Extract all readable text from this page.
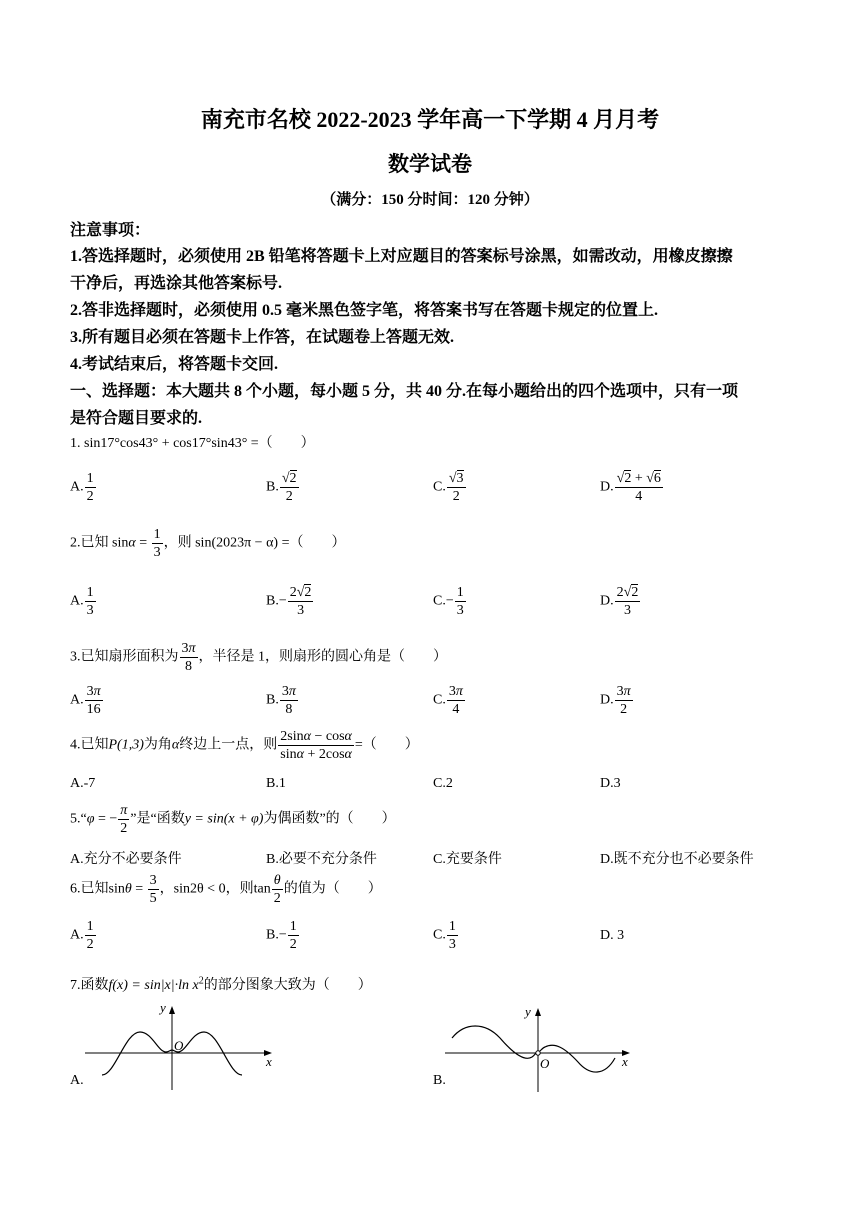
南充市名校 2022-2023 学年高一下学期 4 月月考
数学试卷
（满分：150 分时间：120 分钟）
注意事项：
1.答选择题时，必须使用 2B 铅笔将答题卡上对应题目的答案标号涂黑，如需改动，用橡皮擦擦
干净后，再选涂其他答案标号.
2.答非选择题时，必须使用 0.5 毫米黑色签字笔，将答案书写在答题卡规定的位置上.
3.所有题目必须在答题卡上作答，在试题卷上答题无效.
4.考试结束后，将答题卡交回.
一、选择题：本大题共 8 个小题，每小题 5 分，共 40 分.在每小题给出的四个选项中，只有一项
是符合题目要求的.
1. sin17°cos43° + cos17°sin43° =（　　）
A. $\frac{1}{2}$	B. $\frac{√2}{2}$	C. $\frac{√3}{2}$	D. $\frac{√2 + √6}{4}$
2.已知 $\sin\alpha = \frac{1}{3}$ ，则 sin(2023π − α) =（　　）
A. $\frac{1}{3}$	$B.- \frac{2√2}{3}$	$C.- \frac{1}{3}$	D. $\frac{2√2}{3}$
3.已知扇形面积为 $\frac{3\pi}{8}$ ，半径是 1，则扇形的圆心角是（　　）
A. $\frac{3\pi}{16}$	B. $\frac{3\pi}{8}$	C. $\frac{3\pi}{4}$	D. $\frac{3\pi}{2}$
4.已知P(1,3)为角α终边上一点，则 $\frac{2\sin\alpha - \cos\alpha}{\sin\alpha + 2\cos\alpha}$ =（　　）
A.-7	B.1	C.2	D.3
5.“φ = − $\frac{\pi}{2}$ ”是“函数y = sin(x + φ)为偶函数”的（　　）
A.充分不必要条件	B.必要不充分条件	C.充要条件	D.既不充分也不必要条件
6.已知$\sin\theta = \frac{3}{5}$ ，sin2θ < 0，则$\tan \frac{\theta}{2}$ 的值为（　　）
A. $\frac{1}{2}$	$B.- \frac{1}{2}$	C. $\frac{1}{3}$	D. 3
7.函数f(x) = sin|x|·ln $x^2$的部分图象大致为（　　）
y
x
O
A.
y
x
O
B.
